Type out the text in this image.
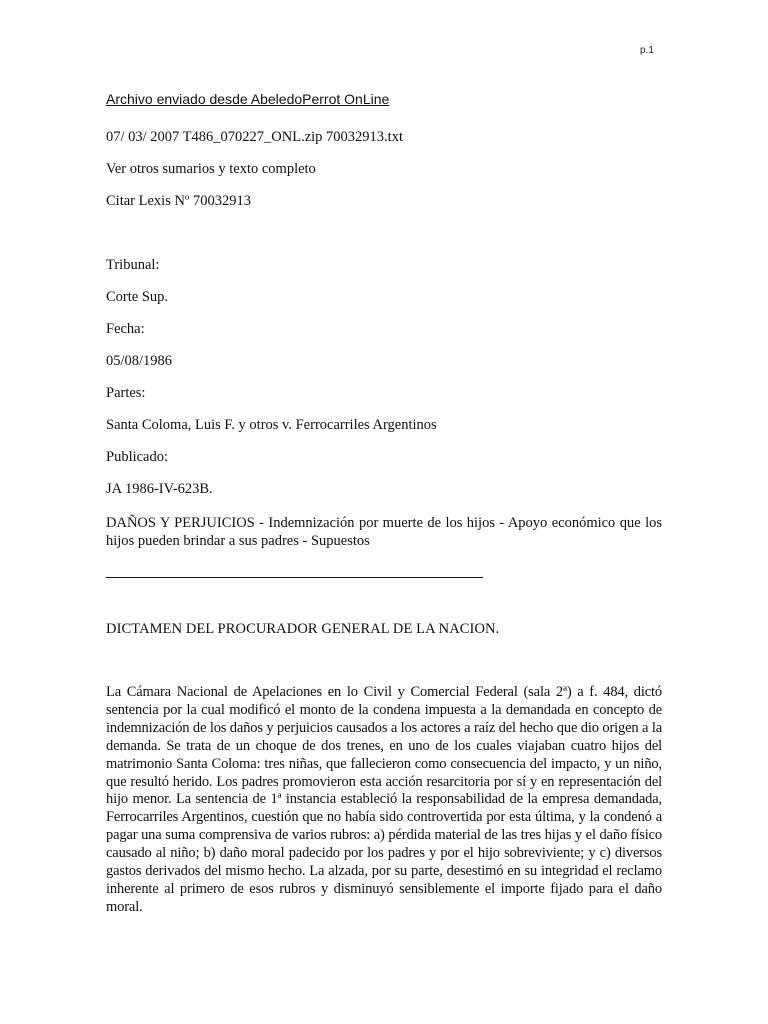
p.1
Archivo enviado desde AbeledoPerrot OnLine
07/ 03/ 2007 T486_070227_ONL.zip 70032913.txt
Ver otros sumarios y texto completo
Citar Lexis Nº 70032913
Tribunal:
Corte Sup.
Fecha:
05/08/1986
Partes:
Santa Coloma, Luis F. y otros v. Ferrocarriles Argentinos
Publicado:
JA 1986-IV-623B.
DAÑOS Y PERJUICIOS - Indemnización por muerte de los hijos - Apoyo económico que los hijos pueden brindar a sus padres - Supuestos
DICTAMEN DEL PROCURADOR GENERAL DE LA NACION.
La Cámara Nacional de Apelaciones en lo Civil y Comercial Federal (sala 2ª) a f. 484, dictó sentencia por la cual modificó el monto de la condena impuesta a la demandada en concepto de indemnización de los daños y perjuicios causados a los actores a raíz del hecho que dio origen a la demanda. Se trata de un choque de dos trenes, en uno de los cuales viajaban cuatro hijos del matrimonio Santa Coloma: tres niñas, que fallecieron como consecuencia del impacto, y un niño, que resultó herido. Los padres promovieron esta acción resarcitoria por sí y en representación del hijo menor. La sentencia de 1ª instancia estableció la responsabilidad de la empresa demandada, Ferrocarriles Argentinos, cuestión que no había sido controvertida por esta última, y la condenó a pagar una suma comprensiva de varios rubros: a) pérdida material de las tres hijas y el daño físico causado al niño; b) daño moral padecido por los padres y por el hijo sobreviviente; y c) diversos gastos derivados del mismo hecho. La alzada, por su parte, desestimó en su integridad el reclamo inherente al primero de esos rubros y disminuyó sensiblemente el importe fijado para el daño moral.
